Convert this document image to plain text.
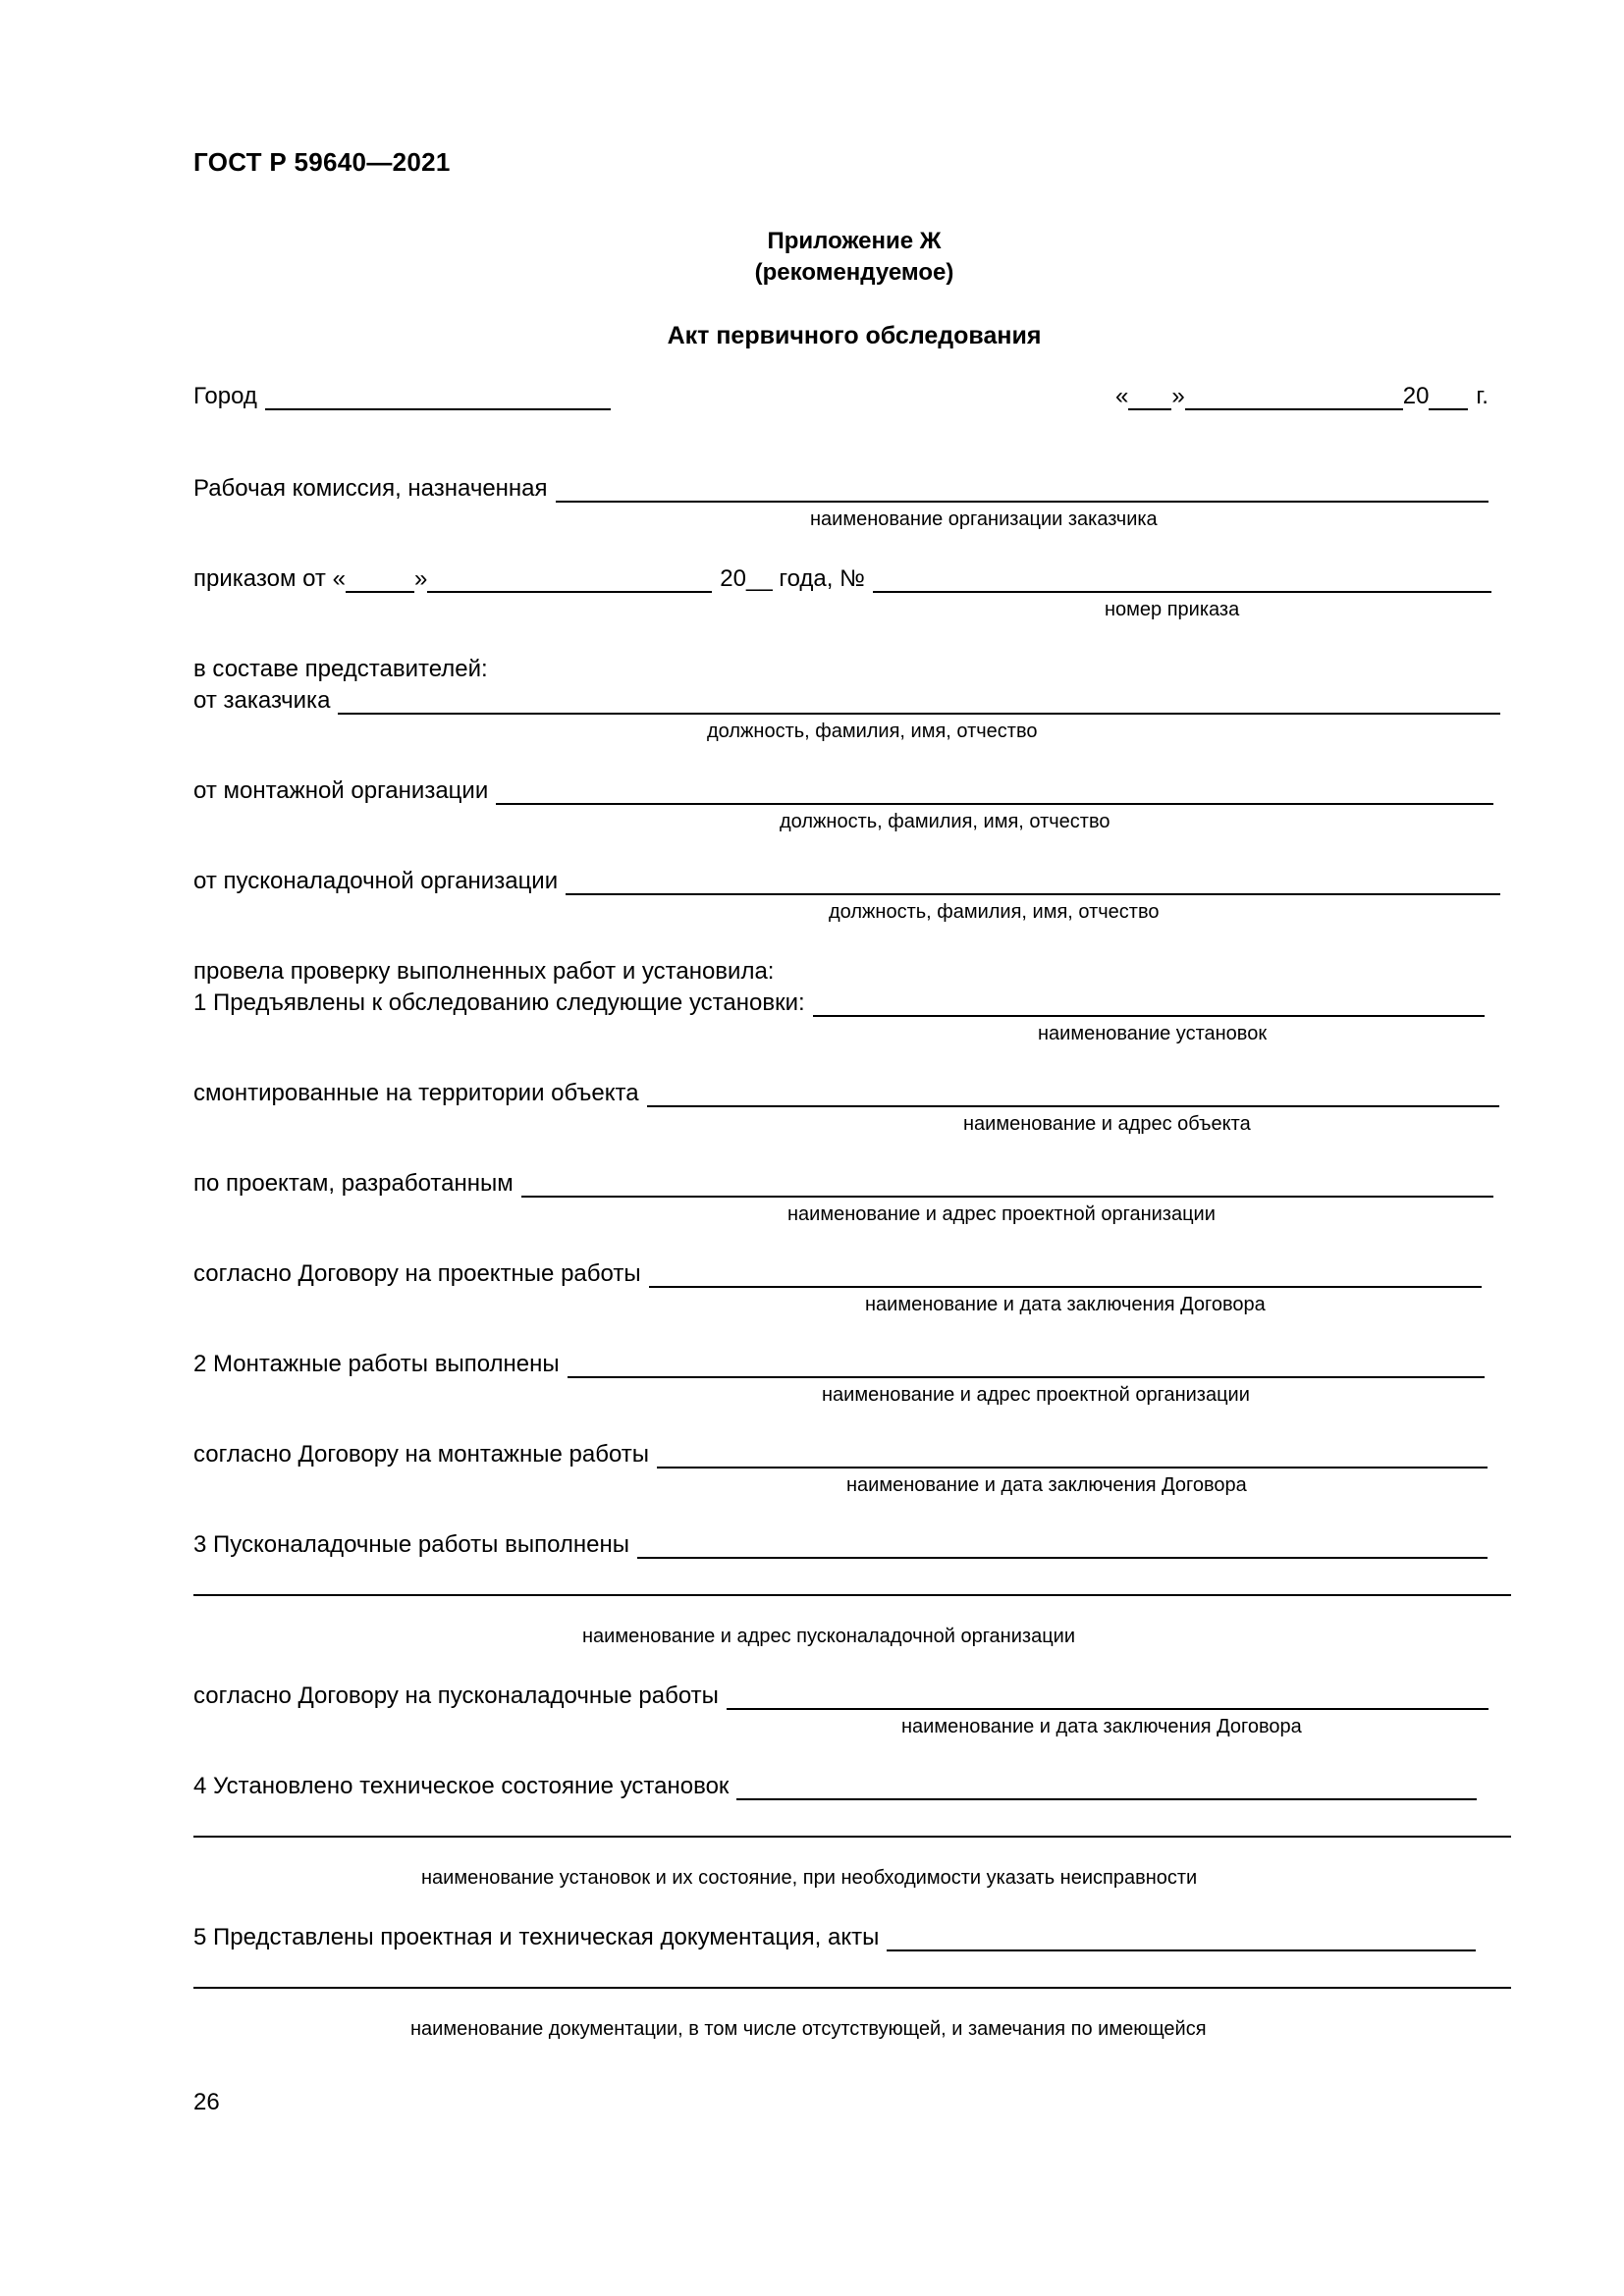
ГОСТ Р 59640—2021
Приложение Ж
(рекомендуемое)
Акт первичного обследования
Город	« »	20 г.
Рабочая комиссия, назначенная
наименование организации заказчика
приказом от «	»	20__ года, №
номер приказа
в составе представителей:
от заказчика
должность, фамилия, имя, отчество
от монтажной организации
должность, фамилия, имя, отчество
от пусконаладочной организации
должность, фамилия, имя, отчество
провела проверку выполненных работ и установила:
1 Предъявлены к обследованию следующие установки:
наименование установок
смонтированные на территории объекта
наименование и адрес объекта
по проектам, разработанным
наименование и адрес проектной организации
согласно Договору на проектные работы
наименование и дата заключения Договора
2 Монтажные работы выполнены
наименование и адрес проектной организации
согласно Договору на монтажные работы
наименование и дата заключения Договора
3 Пусконаладочные работы выполнены
наименование и адрес пусконаладочной организации
согласно Договору на пусконаладочные работы
наименование и дата заключения Договора
4 Установлено техническое состояние установок
наименование установок и их состояние, при необходимости указать неисправности
5 Представлены проектная и техническая документация, акты
наименование документации, в том числе отсутствующей, и замечания по имеющейся
26
